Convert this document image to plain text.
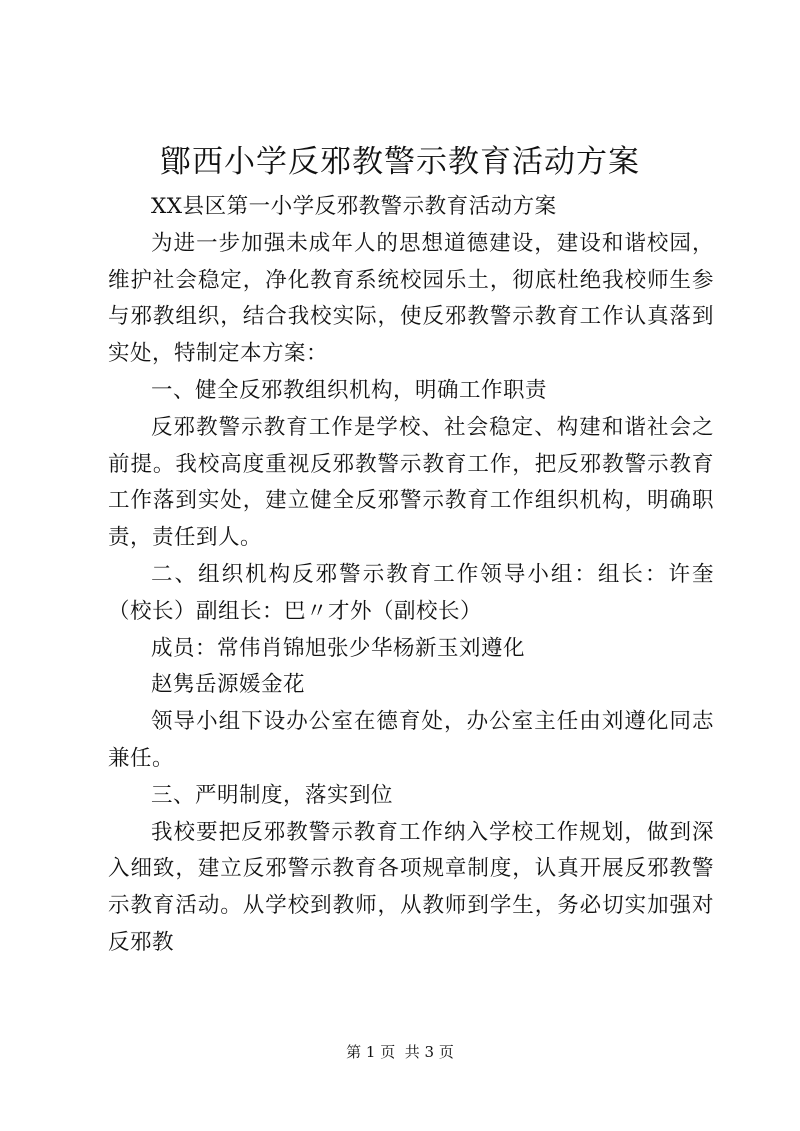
鄮西小学反邪教警示教育活动方案

XX县区第一小学反邪教警示教育活动方案

为进一步加强未成年人的思想道德建设，建设和谐校园，维护社会稳定，净化教育系统校园乐土，彻底杜绝我校师生参与邪教组织，结合我校实际，使反邪教警示教育工作认真落到实处，特制定本方案：

一、健全反邪教组织机构，明确工作职责

反邪教警示教育工作是学校、社会稳定、构建和谐社会之前提。我校高度重视反邪教警示教育工作，把反邪教警示教育工作落到实处，建立健全反邪警示教育工作组织机构，明确职责，责任到人。

二、组织机构反邪警示教育工作领导小组：组长：许奎（校长）副组长：巴〃才外（副校长）

成员：常伟肖锦旭张少华杨新玉刘遵化

赵隽岳源媛金花

领导小组下设办公室在德育处，办公室主任由刘遵化同志兼任。

三、严明制度，落实到位

我校要把反邪教警示教育工作纳入学校工作规划，做到深入细致，建立反邪警示教育各项规章制度，认真开展反邪教警示教育活动。从学校到教师，从教师到学生，务必切实加强对反邪教

第 1 页  共 3 页
